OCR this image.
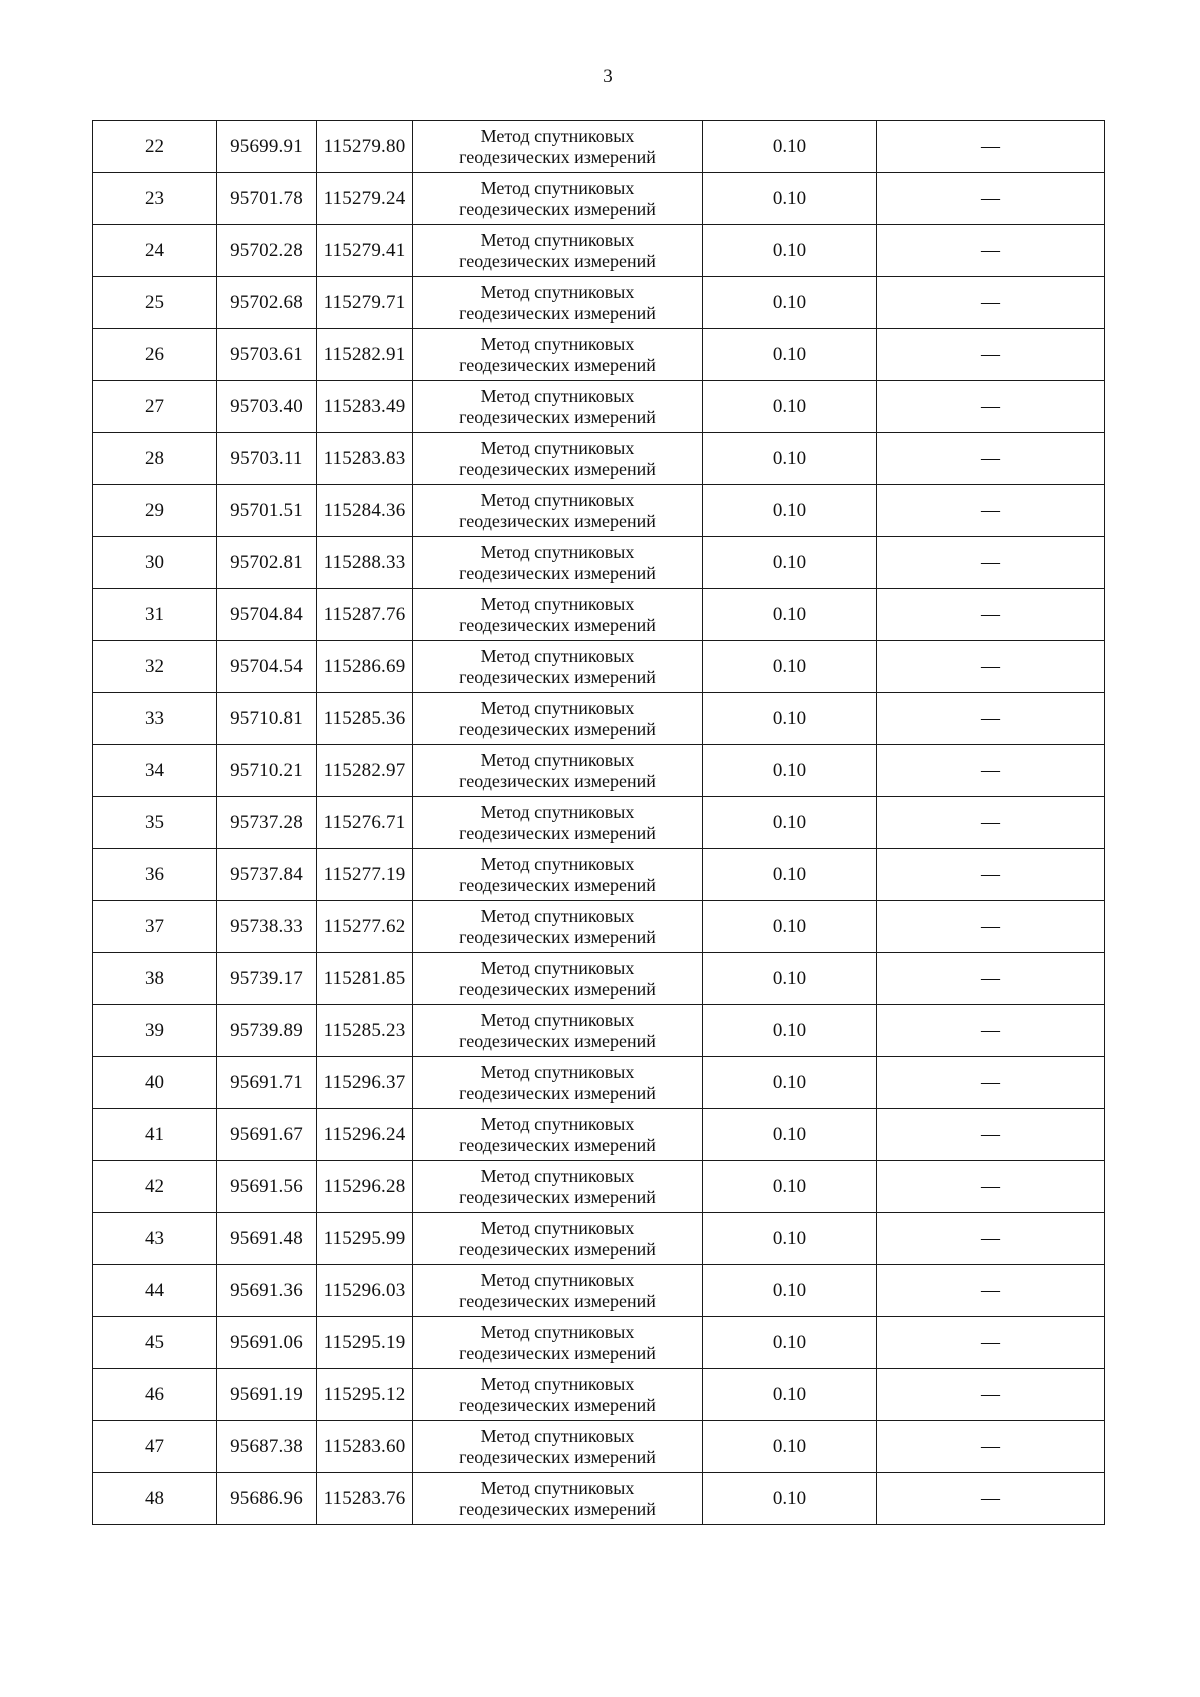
3
22	95699.91	115279.80	Метод спутниковых
геодезических измерений	0.10	—
23	95701.78	115279.24	Метод спутниковых
геодезических измерений	0.10	—
24	95702.28	115279.41	Метод спутниковых
геодезических измерений	0.10	—
25	95702.68	115279.71	Метод спутниковых
геодезических измерений	0.10	—
26	95703.61	115282.91	Метод спутниковых
геодезических измерений	0.10	—
27	95703.40	115283.49	Метод спутниковых
геодезических измерений	0.10	—
28	95703.11	115283.83	Метод спутниковых
геодезических измерений	0.10	—
29	95701.51	115284.36	Метод спутниковых
геодезических измерений	0.10	—
30	95702.81	115288.33	Метод спутниковых
геодезических измерений	0.10	—
31	95704.84	115287.76	Метод спутниковых
геодезических измерений	0.10	—
32	95704.54	115286.69	Метод спутниковых
геодезических измерений	0.10	—
33	95710.81	115285.36	Метод спутниковых
геодезических измерений	0.10	—
34	95710.21	115282.97	Метод спутниковых
геодезических измерений	0.10	—
35	95737.28	115276.71	Метод спутниковых
геодезических измерений	0.10	—
36	95737.84	115277.19	Метод спутниковых
геодезических измерений	0.10	—
37	95738.33	115277.62	Метод спутниковых
геодезических измерений	0.10	—
38	95739.17	115281.85	Метод спутниковых
геодезических измерений	0.10	—
39	95739.89	115285.23	Метод спутниковых
геодезических измерений	0.10	—
40	95691.71	115296.37	Метод спутниковых
геодезических измерений	0.10	—
41	95691.67	115296.24	Метод спутниковых
геодезических измерений	0.10	—
42	95691.56	115296.28	Метод спутниковых
геодезических измерений	0.10	—
43	95691.48	115295.99	Метод спутниковых
геодезических измерений	0.10	—
44	95691.36	115296.03	Метод спутниковых
геодезических измерений	0.10	—
45	95691.06	115295.19	Метод спутниковых
геодезических измерений	0.10	—
46	95691.19	115295.12	Метод спутниковых
геодезических измерений	0.10	—
47	95687.38	115283.60	Метод спутниковых
геодезических измерений	0.10	—
48	95686.96	115283.76	Метод спутниковых
геодезических измерений	0.10	—
